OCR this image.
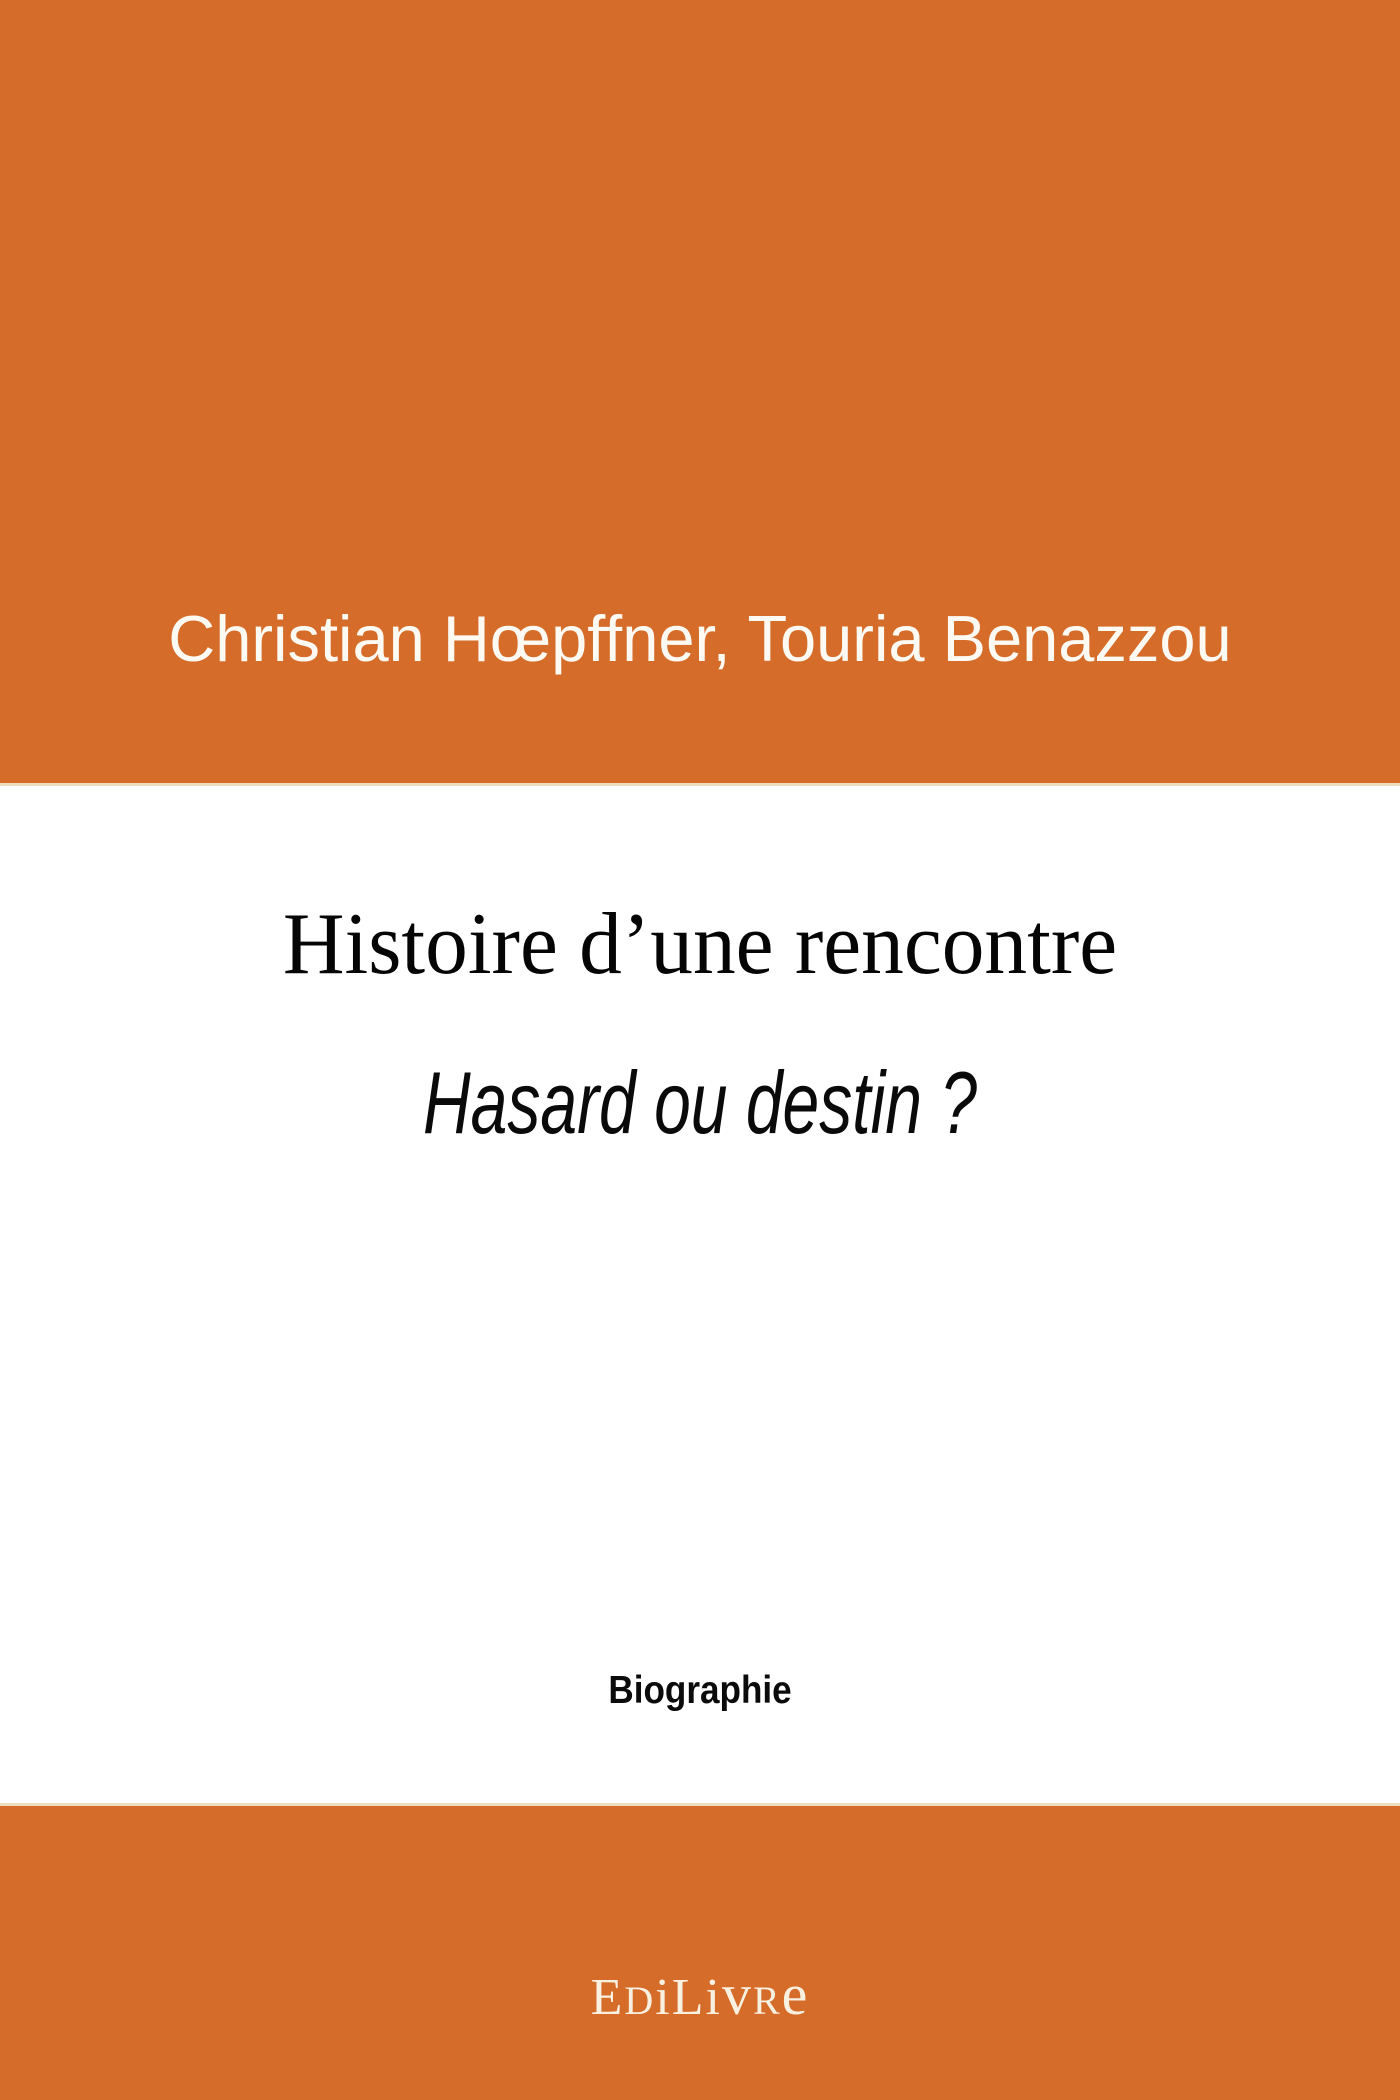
Christian Hœpffner, Touria Benazzou
Histoire d’une rencontre
Hasard ou destin ?
Biographie
EDiLivRe
